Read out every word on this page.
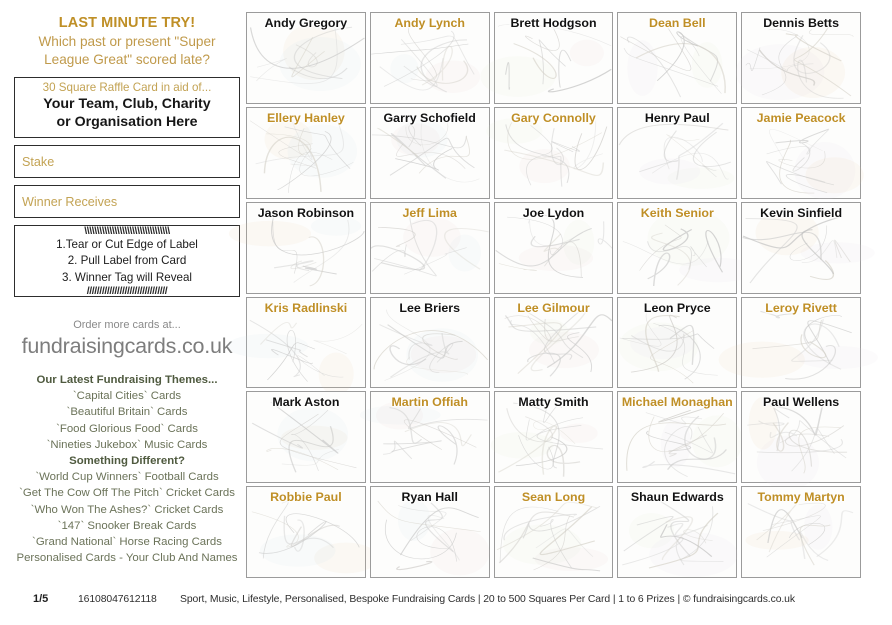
LAST MINUTE TRY!
Which past or present "Super League Great" scored late?
30 Square Raffle Card in aid of...
Your Team, Club, Charity
or Organisation Here
Stake
Winner Receives
\\\\\\\\\\\\\\\\\\\\\\\\\\\\\\\\\\
1.Tear or Cut Edge of Label
2. Pull Label from Card
3. Winner Tag will Reveal
////////////////////////////////
Order more cards at...
fundraisingcards.co.uk
Our Latest Fundraising Themes...
`Capital Cities` Cards
`Beautiful Britain` Cards
`Food Glorious Food` Cards
`Nineties Jukebox` Music Cards
Something Different?
`World Cup Winners` Football Cards
`Get The Cow Off The Pitch` Cricket Cards
`Who Won The Ashes?` Cricket Cards
`147` Snooker Break Cards
`Grand National` Horse Racing Cards
Personalised Cards - Your Club And Names
Andy Gregory	Andy Lynch	Brett Hodgson	Dean Bell	Dennis Betts
Ellery Hanley	Garry Schofield	Gary Connolly	Henry Paul	Jamie Peacock
Jason Robinson	Jeff Lima	Joe Lydon	Keith Senior	Kevin Sinfield
Kris Radlinski	Lee Briers	Lee Gilmour	Leon Pryce	Leroy Rivett
Mark Aston	Martin Offiah	Matty Smith	Michael Monaghan	Paul Wellens
Robbie Paul	Ryan Hall	Sean Long	Shaun Edwards	Tommy Martyn
1/5	16108047612118 Sport, Music, Lifestyle, Personalised, Bespoke Fundraising Cards | 20 to 500 Squares Per Card | 1 to 6 Prizes | © fundraisingcards.co.uk
